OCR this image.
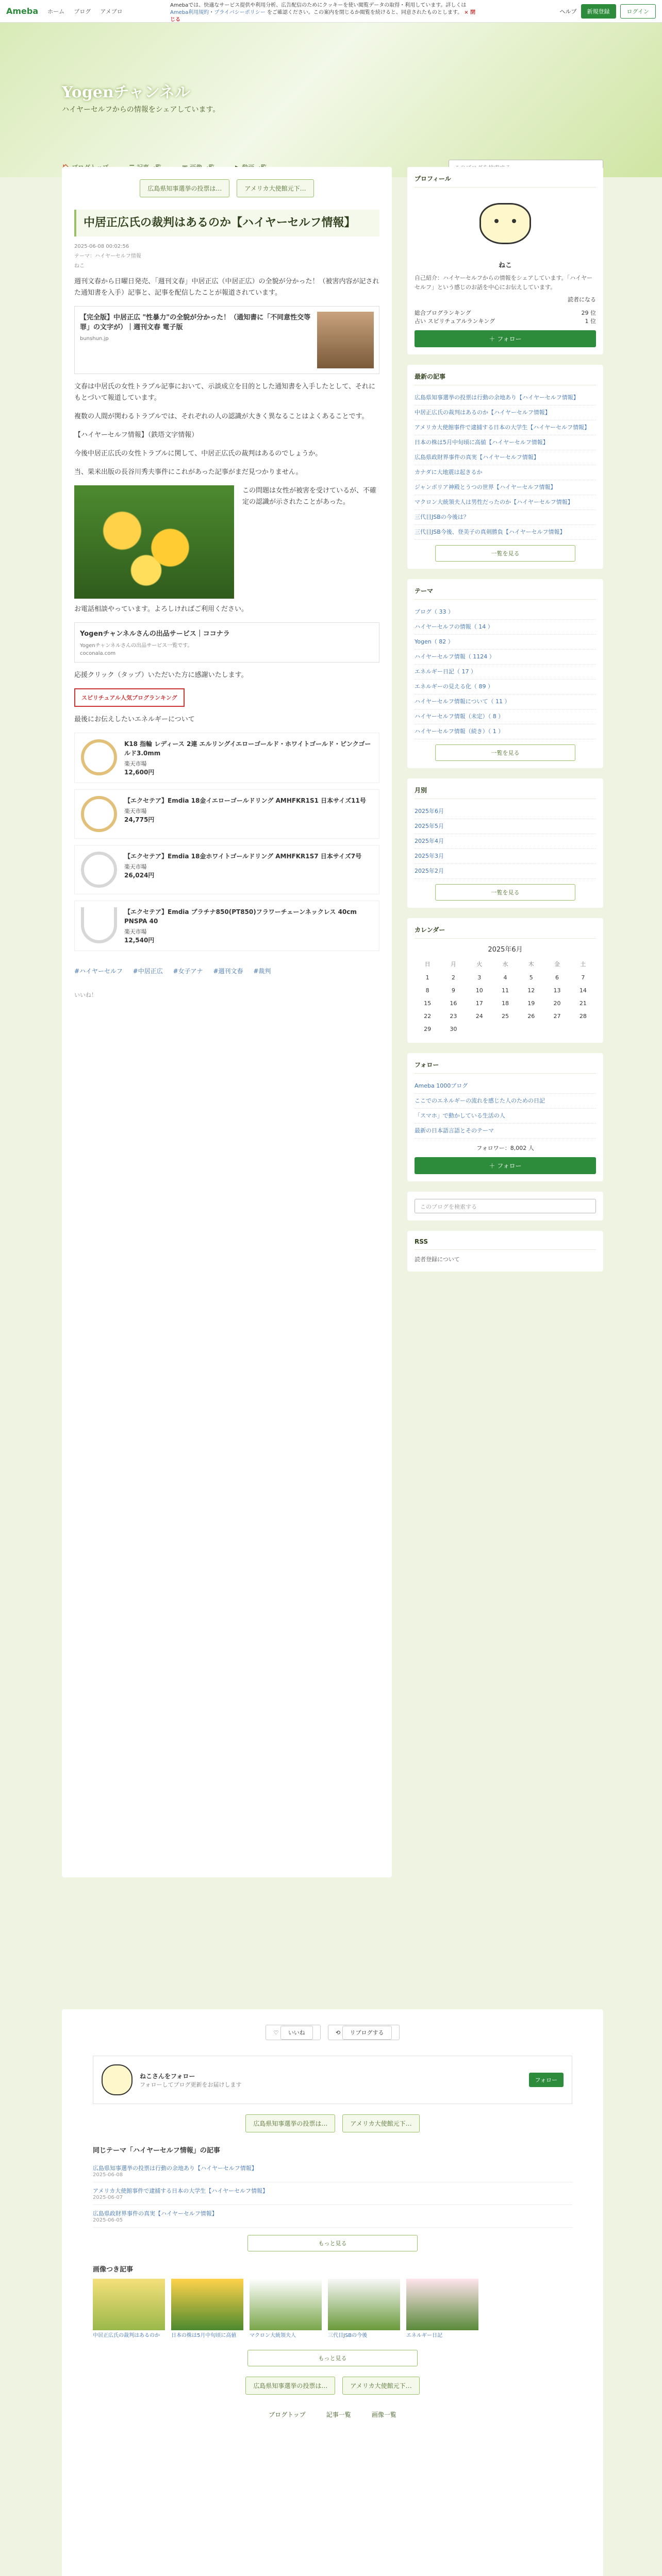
Ameba ホーム ブログ アメブロ
Amebaでは、快適なサービス提供や利用分析、広告配信のためにクッキーを使い閲覧データの取得・利用しています。詳しくは Ameba利用規約・プライバシーポリシー をご確認ください。この案内を閉じるか閲覧を続けると、同意されたものとします。 × 閉じる
ヘルプ	新規登録	ログイン
Yogenチャンネル
ハイヤーセルフからの情報をシェアしています。
広島県知事選挙の投票は…	アメリカ大使館元下…
中居正広氏の裁判はあるのか【ハイヤーセルフ情報】
2025-06-08 00:02:56
テーマ：ハイヤーセルフ情報
ねこ

週刊文春から日曜日発売、「週刊文春」中居正広（中居正広）の全貌が分かった！（被害内容が記された通知書を入手）記事と、記事を配信したことが報道されています。

【完全版】中居正広 "性暴力"の全貌が分かった！（通知書に「不同意性交等罪」の文字が）｜週刊文春 電子版
bunshun.jp

文春は中居氏の女性トラブル記事において、示談成立を目的とした通知書を入手したとして、それにもとづいて報道しています。

複数の人間が関わるトラブルでは、それぞれの人の認識が大きく異なることはよくあることです。

【ハイヤーセルフ情報】（鉄塔文字情報）

今後中居正広氏の女性トラブルに関して、中居正広氏の裁判はあるのでしょうか。

当、果米出版の長谷川秀夫事件にこれがあった記事がまだ見つかりません。

この問題は女性が被害を受けているが、不確定の認識が示されたことがあった。

お電話相談やっています。よろしければご利用ください。

Yogenチャンネルさんの出品サービス｜ココナラ
Yogenチャンネルさんの出品サービス一覧です。
coconala.com

応援クリック（タップ）いただいた方に感謝いたします。

スピリチュアル人気ブログランキング

最後にお伝えしたいエネルギーについて

K18 指輪 レディース 2連 エルリングイエローゴールド・ホワイトゴールド・ピンクゴールド3.0mm
楽天市場
12,600円
【エクセテア】Emdia 18金イエローゴールドリング AMHFKR1S1 日本サイズ11号
楽天市場
24,775円
【エクセテア】Emdia 18金ホワイトゴールドリング AMHFKR1S7 日本サイズ7号
楽天市場
26,024円
【エクセテア】Emdia プラチナ850(PT850)フラワーチェーンネックレス 40cm PNSPA 40
楽天市場
12,540円
#ハイヤーセルフ #中居正広 #女子アナ #週刊文春 #裁判
いいね！
プロフィール
ねこ
自己紹介：ハイヤーセルフからの情報をシェアしています。「ハイヤーセルフ」という感じのお話を中心にお伝えしています。
読者になる
総合ブログランキング	29 位
占い スピリチュアルランキング	1 位
＋ フォロー
最新の記事
広島県知事選挙の投票は行動の余地あり【ハイヤーセルフ情報】
中居正広氏の裁判はあるのか【ハイヤーセルフ情報】
アメリカ大使館事件で逮捕する日本の大学生【ハイヤーセルフ情報】
日本の株は5月中旬頃に高値【ハイヤーセルフ情報】
広島県政財界事件の真実【ハイヤーセルフ情報】
カナダに大地震は起きるか
ジャンボリア神殿とうつの世界【ハイヤーセルフ情報】
マクロン大統領夫人は男性だったのか【ハイヤーセルフ情報】
三代目JSBの今後は？
三代目JSB今後、登美子の真剣勝負【ハイヤーセルフ情報】
一覧を見る
テーマ
ブログ（ 33 ）
ハイヤーセルフの情報（ 14 ）
Yogen（ 82 ）
ハイヤーセルフ情報（ 1124 ）
エネルギー日記（ 17 ）
エネルギーの見える化（ 89 ）
ハイヤーセルフ情報について（ 11 ）
ハイヤーセルフ情報（未定）（ 8 ）
ハイヤーセルフ情報（続き）（ 1 ）
一覧を見る
月別
2025年6月
2025年5月
2025年4月
2025年3月
2025年2月
一覧を見る
カレンダー
2025年6月
日	月	火	水	木	金	土
1	2	3	4	5	6	7
8	9	10	11	12	13	14
15	16	17	18	19	20	21
22	23	24	25	26	27	28
29	30					
フォロー
Ameba 1000ブログ
ここでのエネルギーの流れを感じた人のための日記
「スマホ」で動かしている生活の人
最新の日本語言語とそのテーマ
フォロワー：8,002 人
＋ フォロー
このブログを検索する
RSS
読者登録について
♡ いいね	⟲ リブログする
ねこさんをフォロー
フォローしてブログ更新をお届けします
フォロー
広島県知事選挙の投票は…	アメリカ大使館元下…
同じテーマ「ハイヤーセルフ情報」の記事
広島県知事選挙の投票は行動の余地あり【ハイヤーセルフ情報】
2025-06-08
アメリカ大使館事件で逮捕する日本の大学生【ハイヤーセルフ情報】
2025-06-07
広島県政財界事件の真実【ハイヤーセルフ情報】
2025-06-05
もっと見る
画像つき記事
中居正広氏の裁判はあるのか	日本の株は5月中旬頃に高値	マクロン大統領夫人	三代目JSBの今後	エネルギー日記
もっと見る
広島県知事選挙の投票は…	アメリカ大使館元下…
ブログトップ	記事一覧	画像一覧
